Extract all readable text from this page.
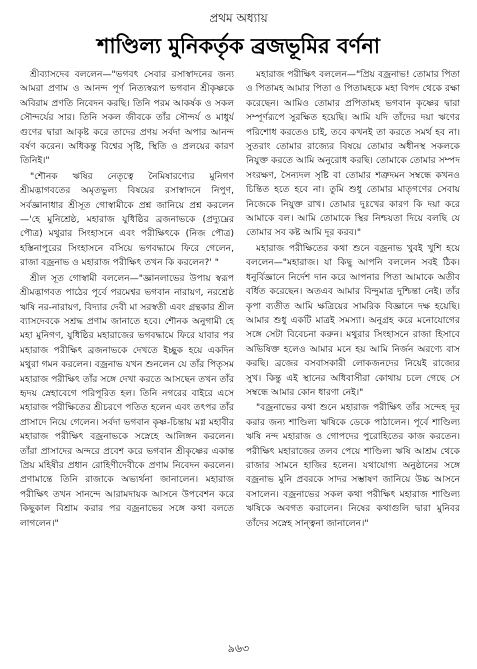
প্রথম অধ্যায়
শাণ্ডিল্য মুনিকর্তৃক ব্রজভূমির বর্ণনা

শ্রীব্যাসদেব বললেন—"ভগবৎ সেবার রসাস্বাদনের জন্য আমরা প্রণাম ও আনন্দ পূর্ণ নিত্যস্বরূপ ভগবান শ্রীকৃষ্ণকে অবিরাম প্রণতি নিবেদন করছি। তিনি পরম আকর্ষক ও সকল সৌন্দর্যের সার। তিনি সকল জীবকে তাঁর সৌন্দর্য ও মাধুর্য গুণের দ্বারা আকৃষ্ট করে তাদের প্রণয় সর্বদা অপার আনন্দ বর্ষণ করেন। অধিকন্তু বিশ্বের সৃষ্টি, স্থিতি ও প্রলয়ের কারণ তিনিই।"

"শৌনক ঋষির নেতৃত্বে নৈমিষারণ্যের মুনিগণ শ্রীমদ্ভাগবতের অমৃতভুল্য বিষয়ের রসাস্বাদনে নিপুণ, সর্বজ্ঞানাধার শ্রীসূত গোস্বামীকে প্রশ্ন জানিয়ে প্রশ্ন করলেন—'হে মুনিশ্রেষ্ঠ, মহারাজ যুধিষ্ঠির ব্রজনাভকে (প্রদ্যুম্নের পৌত্র) মথুরার সিংহাসনে এবং পরীক্ষিৎকে (নিজ পৌত্র) হস্তিনাপুরের সিংহাসনে বসিয়ে ভগবদ্ধামে ফিরে গেলেন, রাজা বজ্রনাভ ও মহারাজ পরীক্ষিৎ তখন কি করলেন?' "

শ্রীল সূত গোস্বামী বললেন—"জ্ঞানলাভের উপায় স্বরূপ শ্রীমদ্ভাগবত পাঠের পূর্বে পরমেশ্বর ভগবান নারায়ণ, নরশ্রেষ্ঠ ঋষি নর-নারায়ণ, বিদ্যার দেবী মা সরস্বতী এবং গ্রন্থকার শ্রীল ব্যাসদেবকে সশ্রদ্ধ প্রণাম জানাতে হবে। শৌনক অনুগামী হে মহা মুনিগণ, যুধিষ্ঠির মহারাজের ভগবদ্ধামে ফিরে যাবার পর মহারাজ পরীক্ষিৎ ব্রজনাভকে দেখতে ইচ্ছুক হয়ে একদিন মথুরা গমন করলেন। বজ্রনাভ যখন শুনলেন যে তাঁর পিতৃসম মহারাজ পরীক্ষিৎ তাঁর সঙ্গে দেখা করতে আসছেন তখন তাঁর হৃদয় স্নেহাবেগে পরিপূরিত হল। তিনি নগরের বাইরে এসে মহারাজ পরীক্ষিতের শ্রীচরণে পতিত হলেন এবং তৎপর তাঁর প্রাসাদে নিয়ে গেলেন। সর্বদা ভগবান কৃষ্ণ-চিন্তায় মগ্ন মহাবীর মহারাজ পরীক্ষিৎ বজ্রনাভকে সস্নেহে আলিঙ্গন করলেন। তাঁরা প্রাসাদের অন্দরে প্রবেশ করে ভগবান শ্রীকৃষ্ণের একান্ত প্রিয় মহিষীর প্রধান রোহিণীদেবীকে প্রণাম নিবেদন করলেন। প্রণামান্তে তিনি রাজাকে অভ্যর্থনা জানালেন। মহারাজ পরীক্ষিৎ তখন সানন্দে আরামদায়ক আসনে উপবেশন করে কিছুকাল বিশ্রাম করার পর বজ্রনাভের সঙ্গে কথা বলতে লাগলেন।"

মহারাজ পরীক্ষিৎ বললেন—"প্রিয় বজ্রনাভ! তোমার পিতা ও পিতামহ আমার পিতা ও পিতামহকে মহা বিপদ থেকে রক্ষা করেছেন। আমিও তোমার প্রপিতামহ ভগবান কৃষ্ণের দ্বারা সম্পূর্ণরূপে সুরক্ষিত হয়েছি। আমি যদি তাঁদের দয়া ঋণের পরিশোধ করতেও চাই, তবে কখনই তা করতে সমর্থ হব না। সুতরাং তোমার রাজ্যের বিষয়ে তোমার অধীনস্থ সকলকে নিযুক্ত করতে আমি অনুরোধ করছি। তোমাকে তোমার সম্পদ সংরক্ষণ, সৈন্যদল সৃষ্টি বা তোমার শত্রুদমন সম্বন্ধে কখনও চিন্তিত হতে হবে না। তুমি শুধু তোমার মাতৃগণের সেবায় নিজেকে নিযুক্ত রাখ। তোমার দুঃখের কারণ কি দয়া করে আমাকে বল। আমি তোমাকে স্থির নিশ্চয়তা দিয়ে বলছি যে তোমার সব কষ্ট আমি দূর করব।"

মহারাজ পরীক্ষিতের কথা শুনে বজ্রনাভ খুবই খুশি হয়ে বললেন—"মহারাজ। যা কিছু আপনি বললেন সবই ঠিক। ধনুর্বিজ্ঞানে নির্দেশ দান করে আপনার পিতা আমাকে অতীব বর্ধিত করেছেন। অতএব আমার বিন্দুমাত্র দুশ্চিন্তা নেই। তাঁর কৃপা ব্যতীত আমি ক্ষত্রিয়ের সামরিক বিজ্ঞানে দক্ষ হয়েছি। আমার শুধু একটি মাত্রই সমস্যা। অনুগ্রহ করে মনোযোগের সঙ্গে সেটা বিবেচনা করুন। মথুরার সিংহাসনে রাজা হিসাবে অভিষিক্ত হলেও আমার মনে হয় আমি নির্জন অরণ্যে বাস করছি। ব্রজের বসবাসকারী লোকজনদের নিয়েই রাজ্যের সুখ। কিন্তু এই স্থানের অধিবাসীরা কোথায় চলে গেছে সে সম্বন্ধে আমার কোন ধারণা নেই।"

"বজ্রনাভের কথা শুনে মহারাজ পরীক্ষিৎ তাঁর সন্দেহ দূর করার জন্য শাণ্ডিল্য ঋষিকে ডেকে পাঠালেন। পূর্বে শাণ্ডিল্য ঋষি নন্দ মহারাজ ও গোপদের পুরোহিতের কাজ করতেন। পরীক্ষিৎ মহারাজের তলব পেয়ে শাণ্ডিল্য ঋষি আশ্রম থেকে রাজার সামনে হাজির হলেন। যথাযোগ্য অনুষ্ঠানের সঙ্গে বজ্রনাভ মুনি প্রবরকে সাদর সম্ভাষণ জানিয়ে উচ্চ আসনে বসালেন। বজ্রনাভের সকল কথা পরীক্ষিৎ মহারাজ শাণ্ডিল্য ঋষিকে অবগত করালেন। নিষের কথাগুলি দ্বারা মুনিবর তাঁদের সস্নেহ সান্ত্বনা জানালেন।"

৯৬৩
